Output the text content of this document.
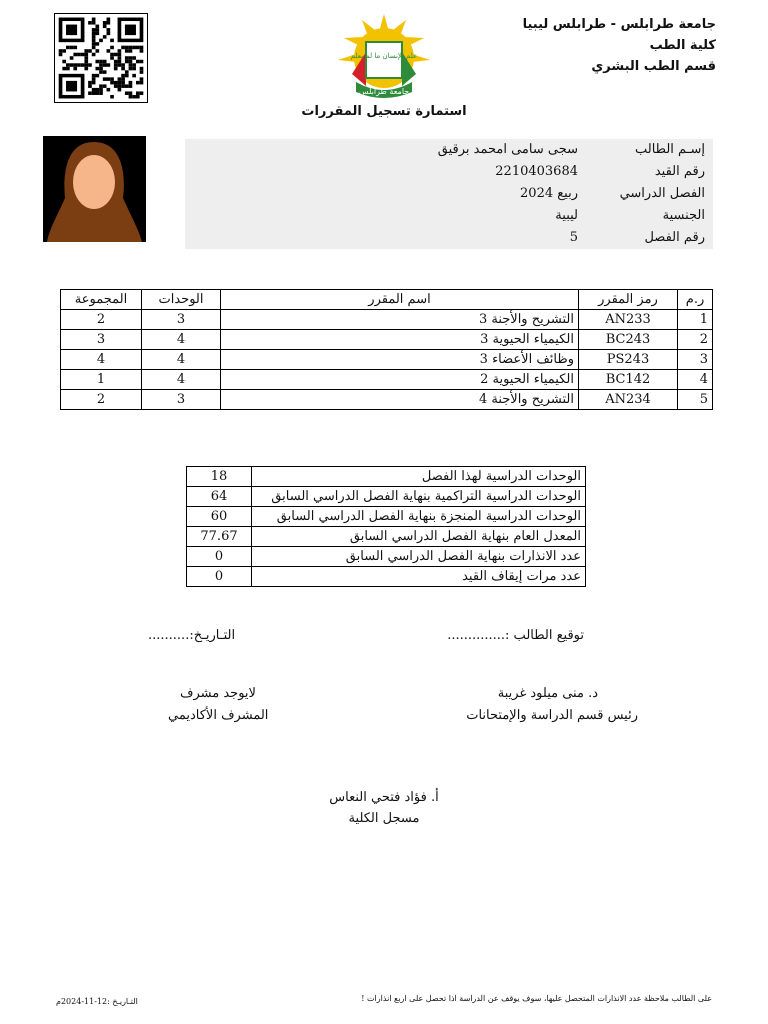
جامعة طرابلس - طرابلس ليبيا
كلية الطب
قسم الطب البشري
علم الإنسان ما لم يعلم
جامعة طرابلس
استمارة تسجيل المقررات
إسـم الطالب
سجى سامى امحمد برقيق
رقم القيد
2210403684
الفصل الدراسي
ربيع 2024
الجنسية
ليبية
رقم الفصل
5
ر.م	رمز المقرر	اسم المقرر	الوحدات	المجموعة
1	AN233	التشريح والأجنة 3	3	2
2	BC243	الكيمياء الحيوية 3	4	3
3	PS243	وظائف الأعضاء 3	4	4
4	BC142	الكيمياء الحيوية 2	4	1
5	AN234	التشريح والأجنة 4	3	2
الوحدات الدراسية لهذا الفصل	18
الوحدات الدراسية التراكمية بنهاية الفصل الدراسي السابق	64
الوحدات الدراسية المنجزة بنهاية الفصل الدراسي السابق	60
المعدل العام بنهاية الفصل الدراسي السابق	77.67
عدد الانذارات بنهاية الفصل الدراسي السابق	0
عدد مرات إيقاف القيد	0
توقيع الطالب :..............
التـاريـخ:..........
د. منى ميلود غريبة
رئيس قسم الدراسة والإمتحانات
لايوجد مشرف
المشرف الأكاديمي
أ. فؤاد فتحي النعاس
مسجل الكلية
على الطالب ملاحظة عدد الانذارات المتحصل عليها، سوف يوقف عن الدراسة اذا تحصل على اربع انذارات !
التـاريـخ :12-11-2024م
